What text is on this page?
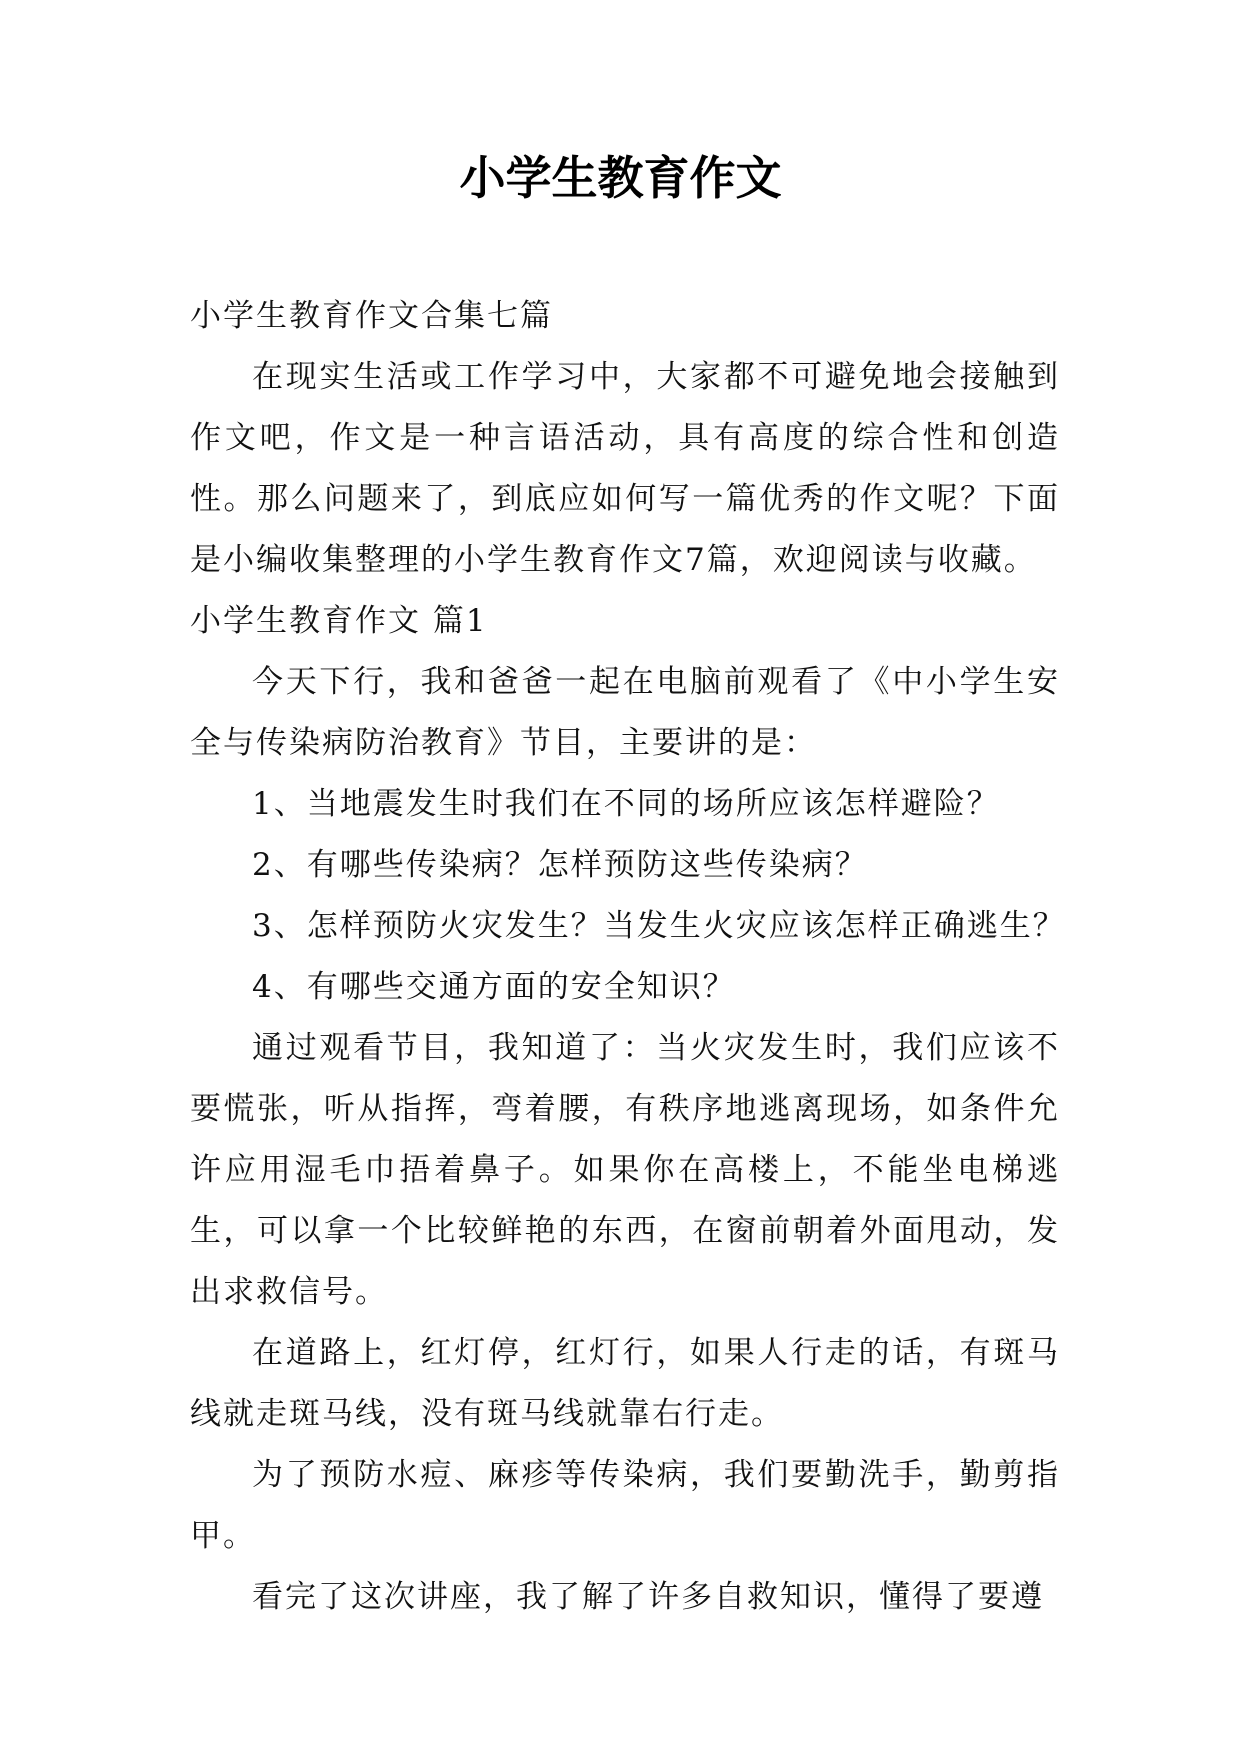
小学生教育作文

小学生教育作文合集七篇

在现实生活或工作学习中，大家都不可避免地会接触到作文吧，作文是一种言语活动，具有高度的综合性和创造性。那么问题来了，到底应如何写一篇优秀的作文呢？下面是小编收集整理的小学生教育作文7篇，欢迎阅读与收藏。

小学生教育作文 篇1

今天下行，我和爸爸一起在电脑前观看了《中小学生安全与传染病防治教育》节目，主要讲的是：

1、当地震发生时我们在不同的场所应该怎样避险？

2、有哪些传染病？怎样预防这些传染病？

3、怎样预防火灾发生？当发生火灾应该怎样正确逃生？

4、有哪些交通方面的安全知识？

通过观看节目，我知道了：当火灾发生时，我们应该不要慌张，听从指挥，弯着腰，有秩序地逃离现场，如条件允许应用湿毛巾捂着鼻子。如果你在高楼上，不能坐电梯逃生，可以拿一个比较鲜艳的东西，在窗前朝着外面甩动，发出求救信号。

在道路上，红灯停，红灯行，如果人行走的话，有斑马线就走斑马线，没有斑马线就靠右行走。

为了预防水痘、麻疹等传染病，我们要勤洗手，勤剪指甲。

看完了这次讲座，我了解了许多自救知识，懂得了要遵
